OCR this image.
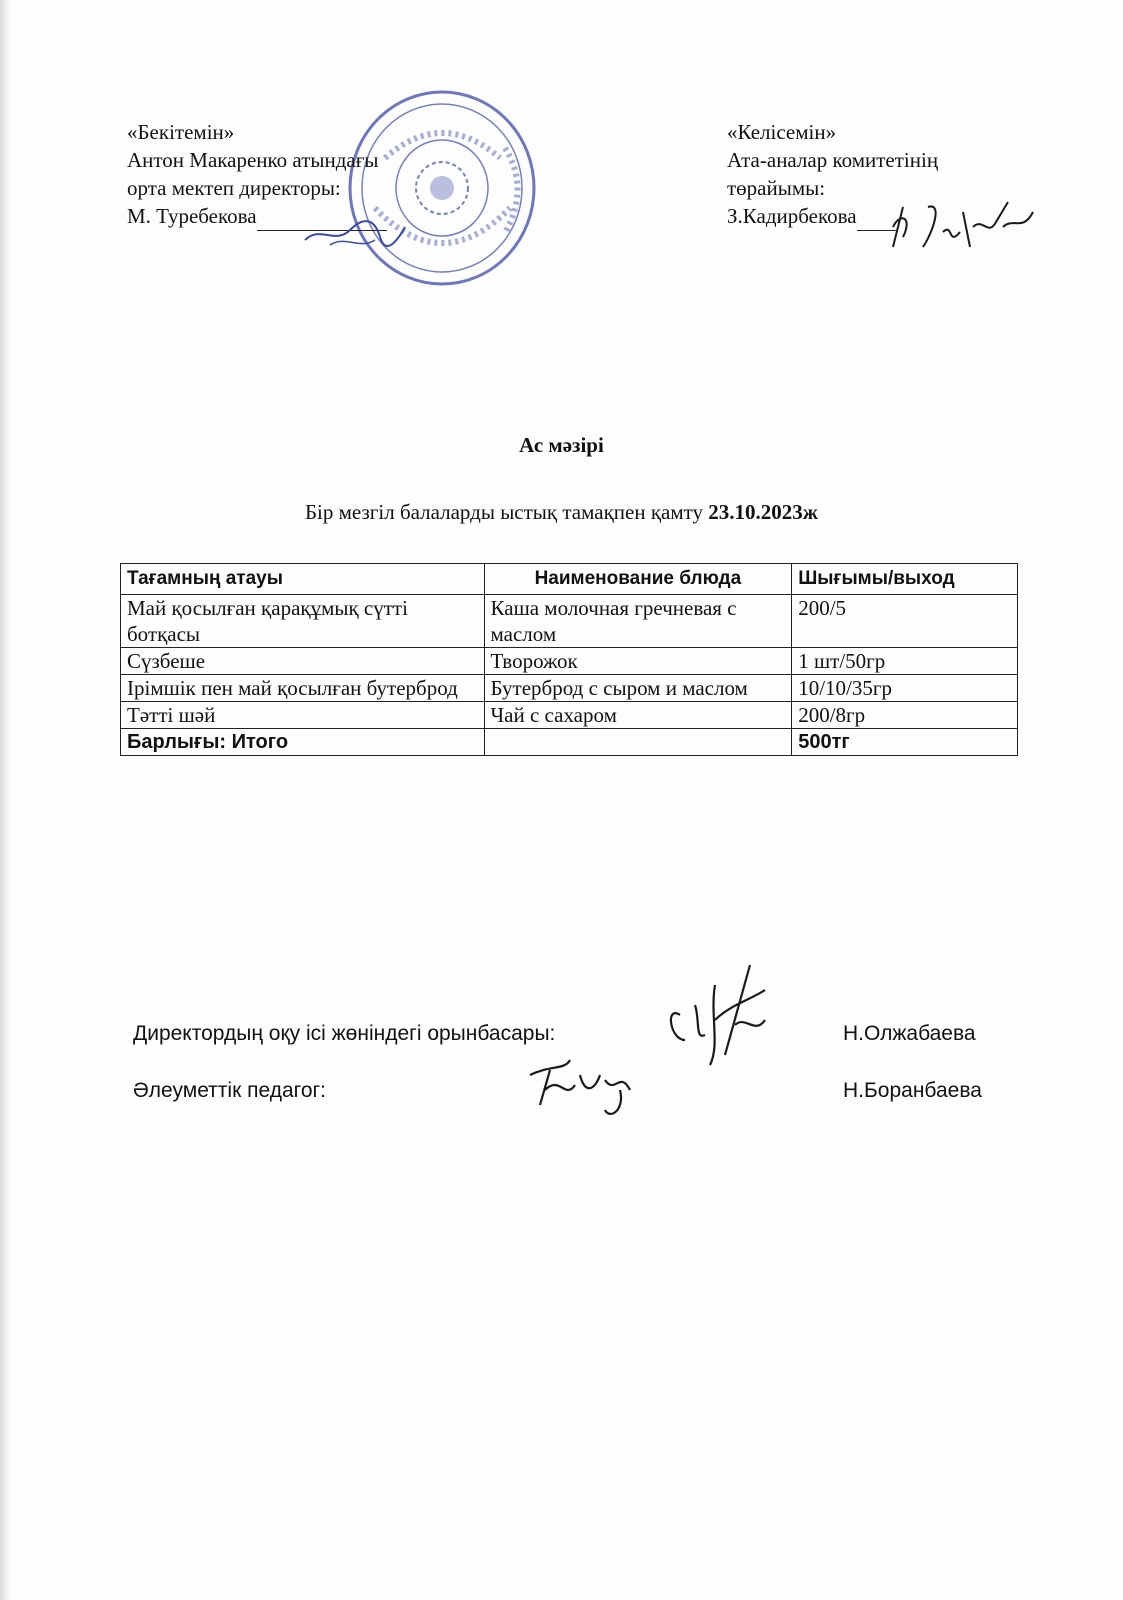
«Бекітемін»
Антон Макаренко атындағы
орта мектеп директоры:
М. Туребекова
«Келісемін»
Ата-аналар комитетінің
төрайымы:
З.Кадирбекова
Ас мәзірі
Бір мезгіл балаларды ыстық тамақпен қамту 23.10.2023ж
Тағамның атауы	Наименование блюда	Шығымы/выход
Май қосылған қарақұмық сүтті ботқасы	Каша молочная гречневая с маслом	200/5
Сүзбеше	Творожок	1 шт/50гр
Ірімшік пен май қосылған бутерброд	Бутерброд с сыром и маслом	10/10/35гр
Тәтті шәй	Чай с сахаром	200/8гр
Барлығы: Итого		500тг
Директордың оқу ісі жөніндегі орынбасары:	Н.Олжабаева
Әлеуметтік педагог:	Н.Боранбаева
